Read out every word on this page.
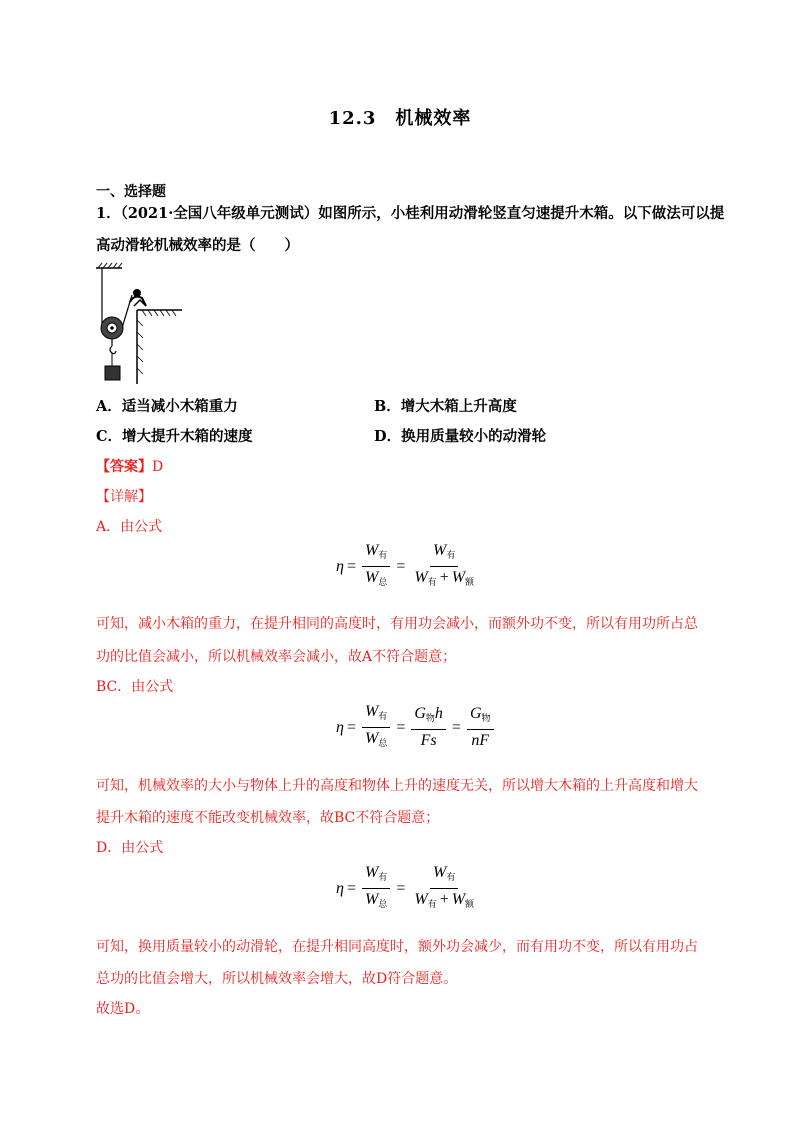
12.3　机械效率
一、选择题
1．（2021·全国八年级单元测试）如图所示，小桂利用动滑轮竖直匀速提升木箱。以下做法可以提
高动滑轮机械效率的是（　　）
A．适当减小木箱重力	B．增大木箱上升高度
C．增大提升木箱的速度	D．换用质量较小的动滑轮
【答案】D
【详解】
A．由公式
$\eta = \frac{W_有}{W_总} = \frac{W_有}{W_有 + W_额}$
可知，减小木箱的重力，在提升相同的高度时，有用功会减小，而额外功不变，所以有用功所占总
功的比值会减小，所以机械效率会减小，故A不符合题意；
BC．由公式
$\eta = \frac{W_有}{W_总} = \frac{G_物h}{Fs} = \frac{G_物}{nF}$
可知，机械效率的大小与物体上升的高度和物体上升的速度无关，所以增大木箱的上升高度和增大
提升木箱的速度不能改变机械效率，故BC不符合题意；
D．由公式
$\eta = \frac{W_有}{W_总} = \frac{W_有}{W_有 + W_额}$
可知，换用质量较小的动滑轮，在提升相同高度时，额外功会减少，而有用功不变，所以有用功占
总功的比值会增大，所以机械效率会增大，故D符合题意。
故选D。
